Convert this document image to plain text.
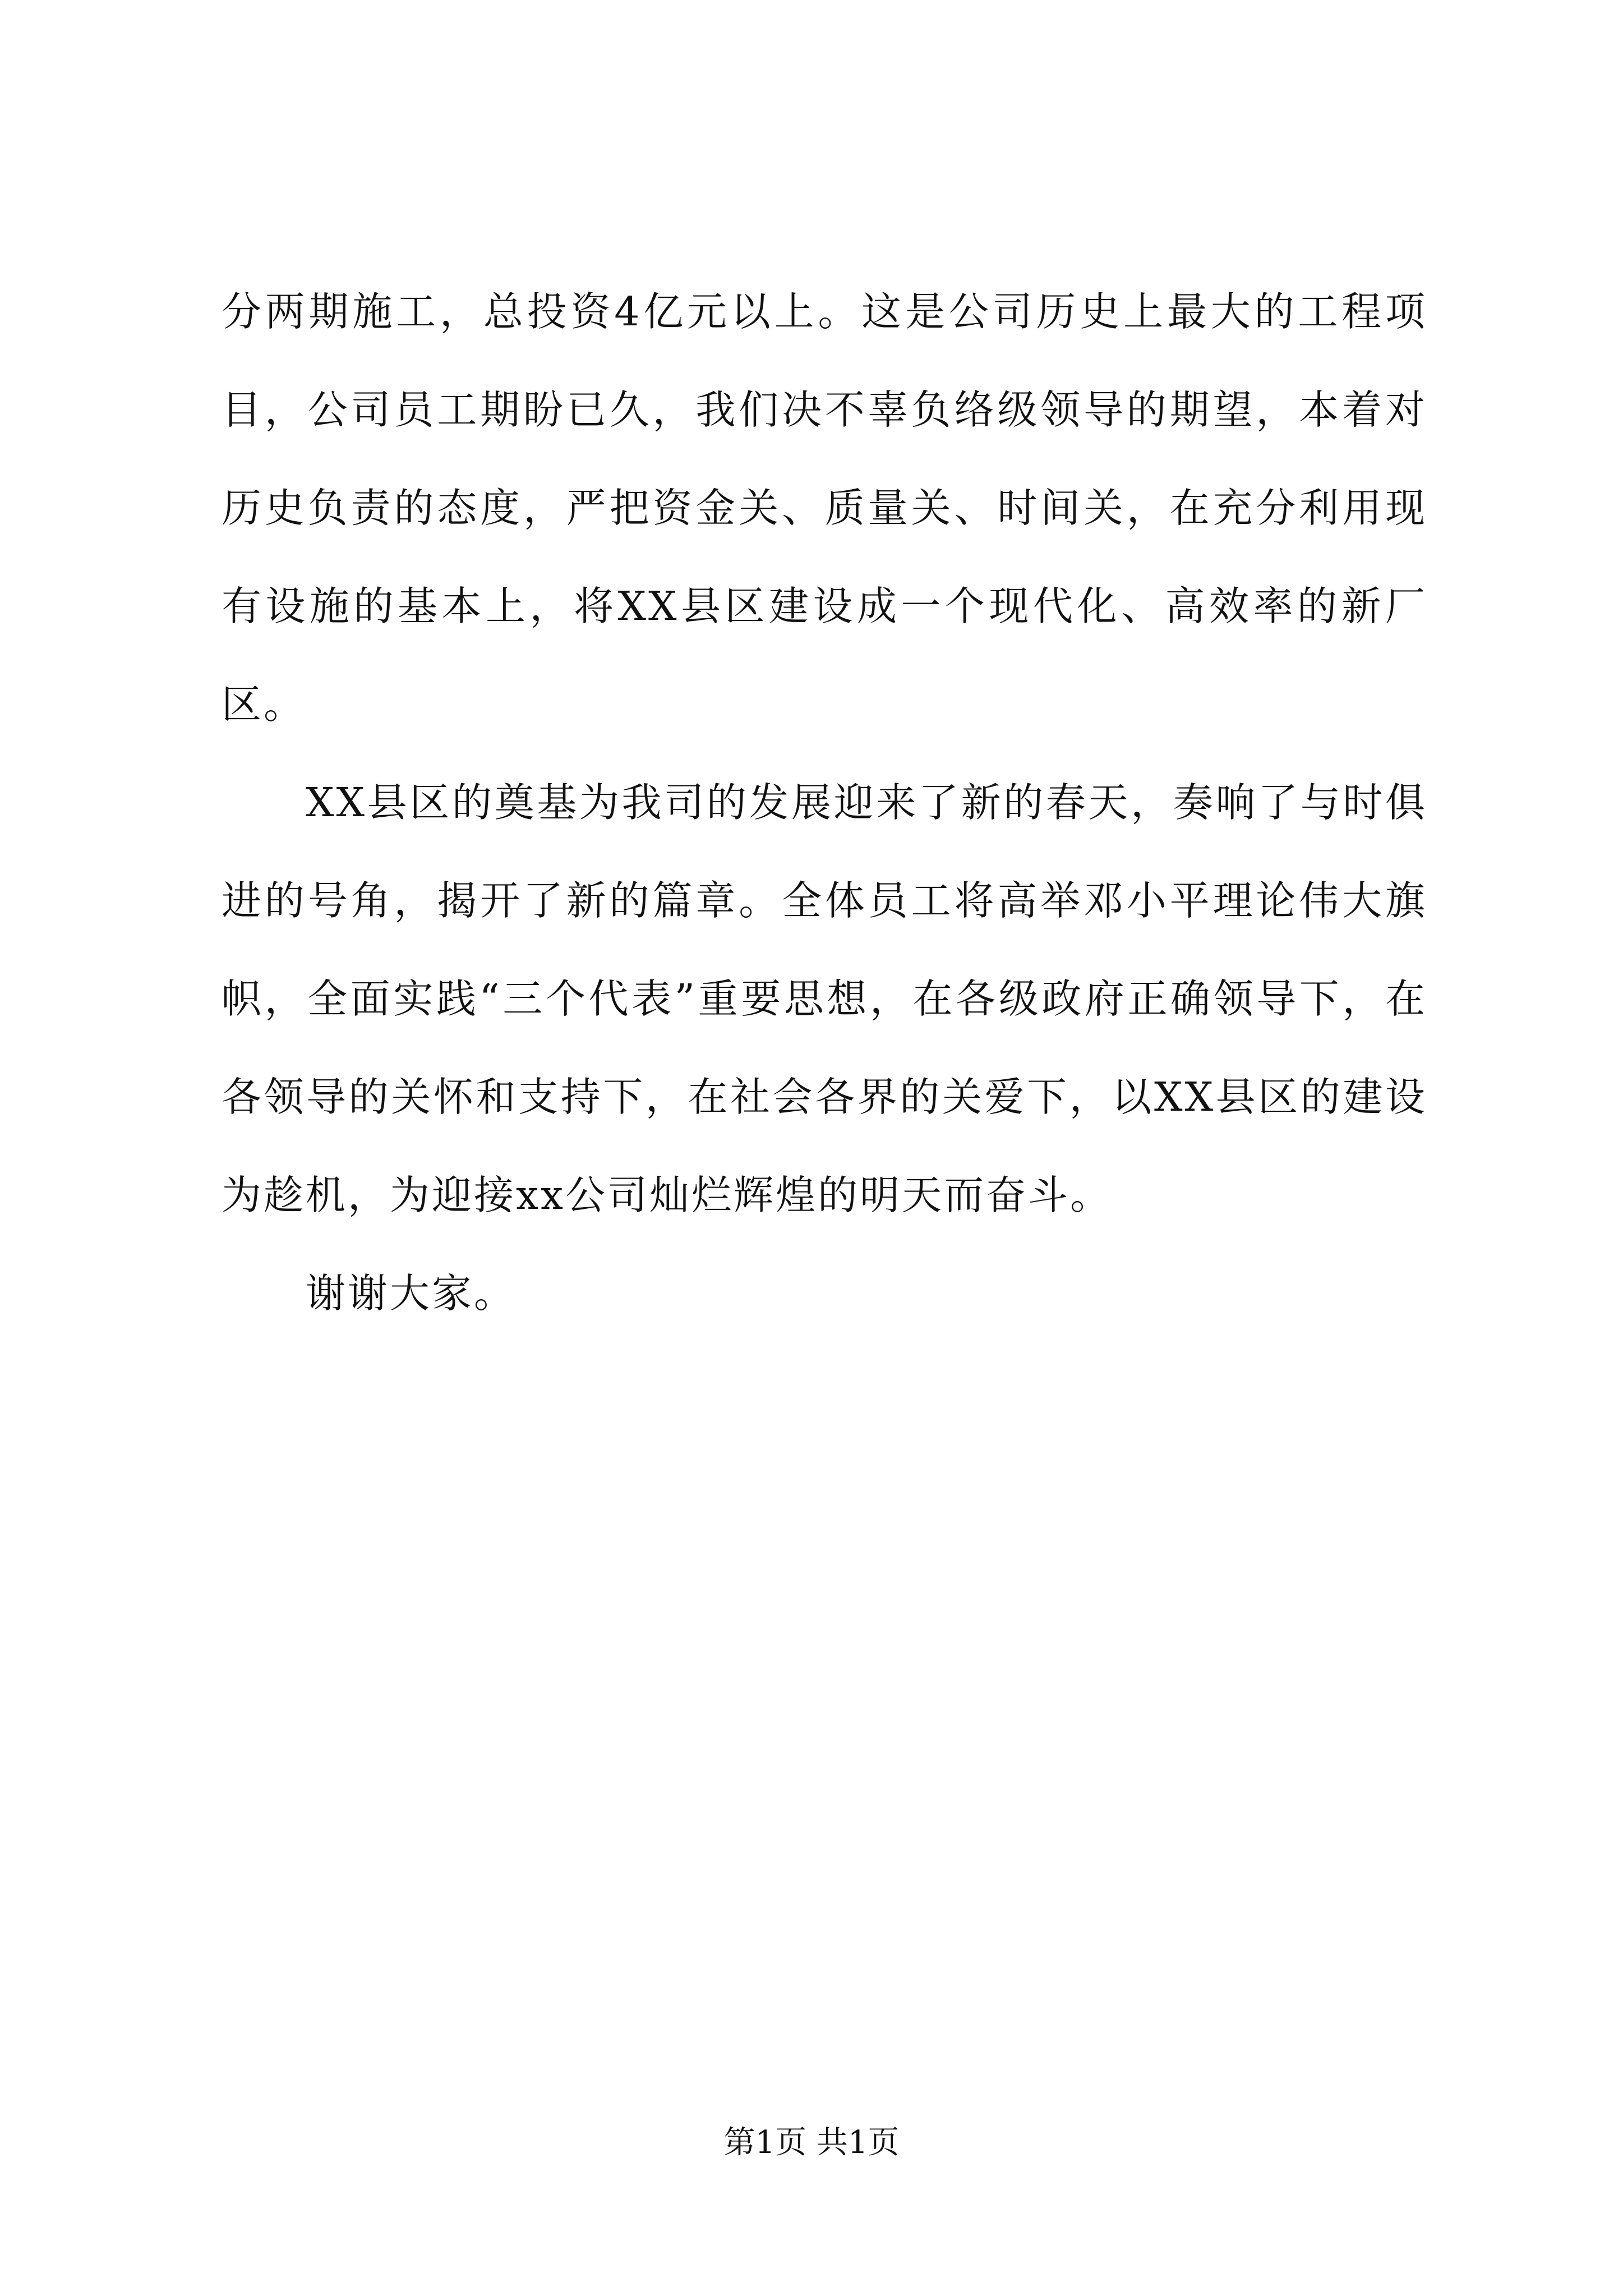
分两期施工，总投资4亿元以上。这是公司历史上最大的工程项目，公司员工期盼已久，我们决不辜负络级领导的期望，本着对历史负责的态度，严把资金关、质量关、时间关，在充分利用现有设施的基本上，将XX县区建设成一个现代化、高效率的新厂区。

XX县区的奠基为我司的发展迎来了新的春天，奏响了与时俱进的号角，揭开了新的篇章。全体员工将高举邓小平理论伟大旗帜，全面实践“三个代表”重要思想，在各级政府正确领导下，在各领导的关怀和支持下，在社会各界的关爱下，以XX县区的建设为趁机，为迎接xx公司灿烂辉煌的明天而奋斗。

谢谢大家。

第1页 共1页
